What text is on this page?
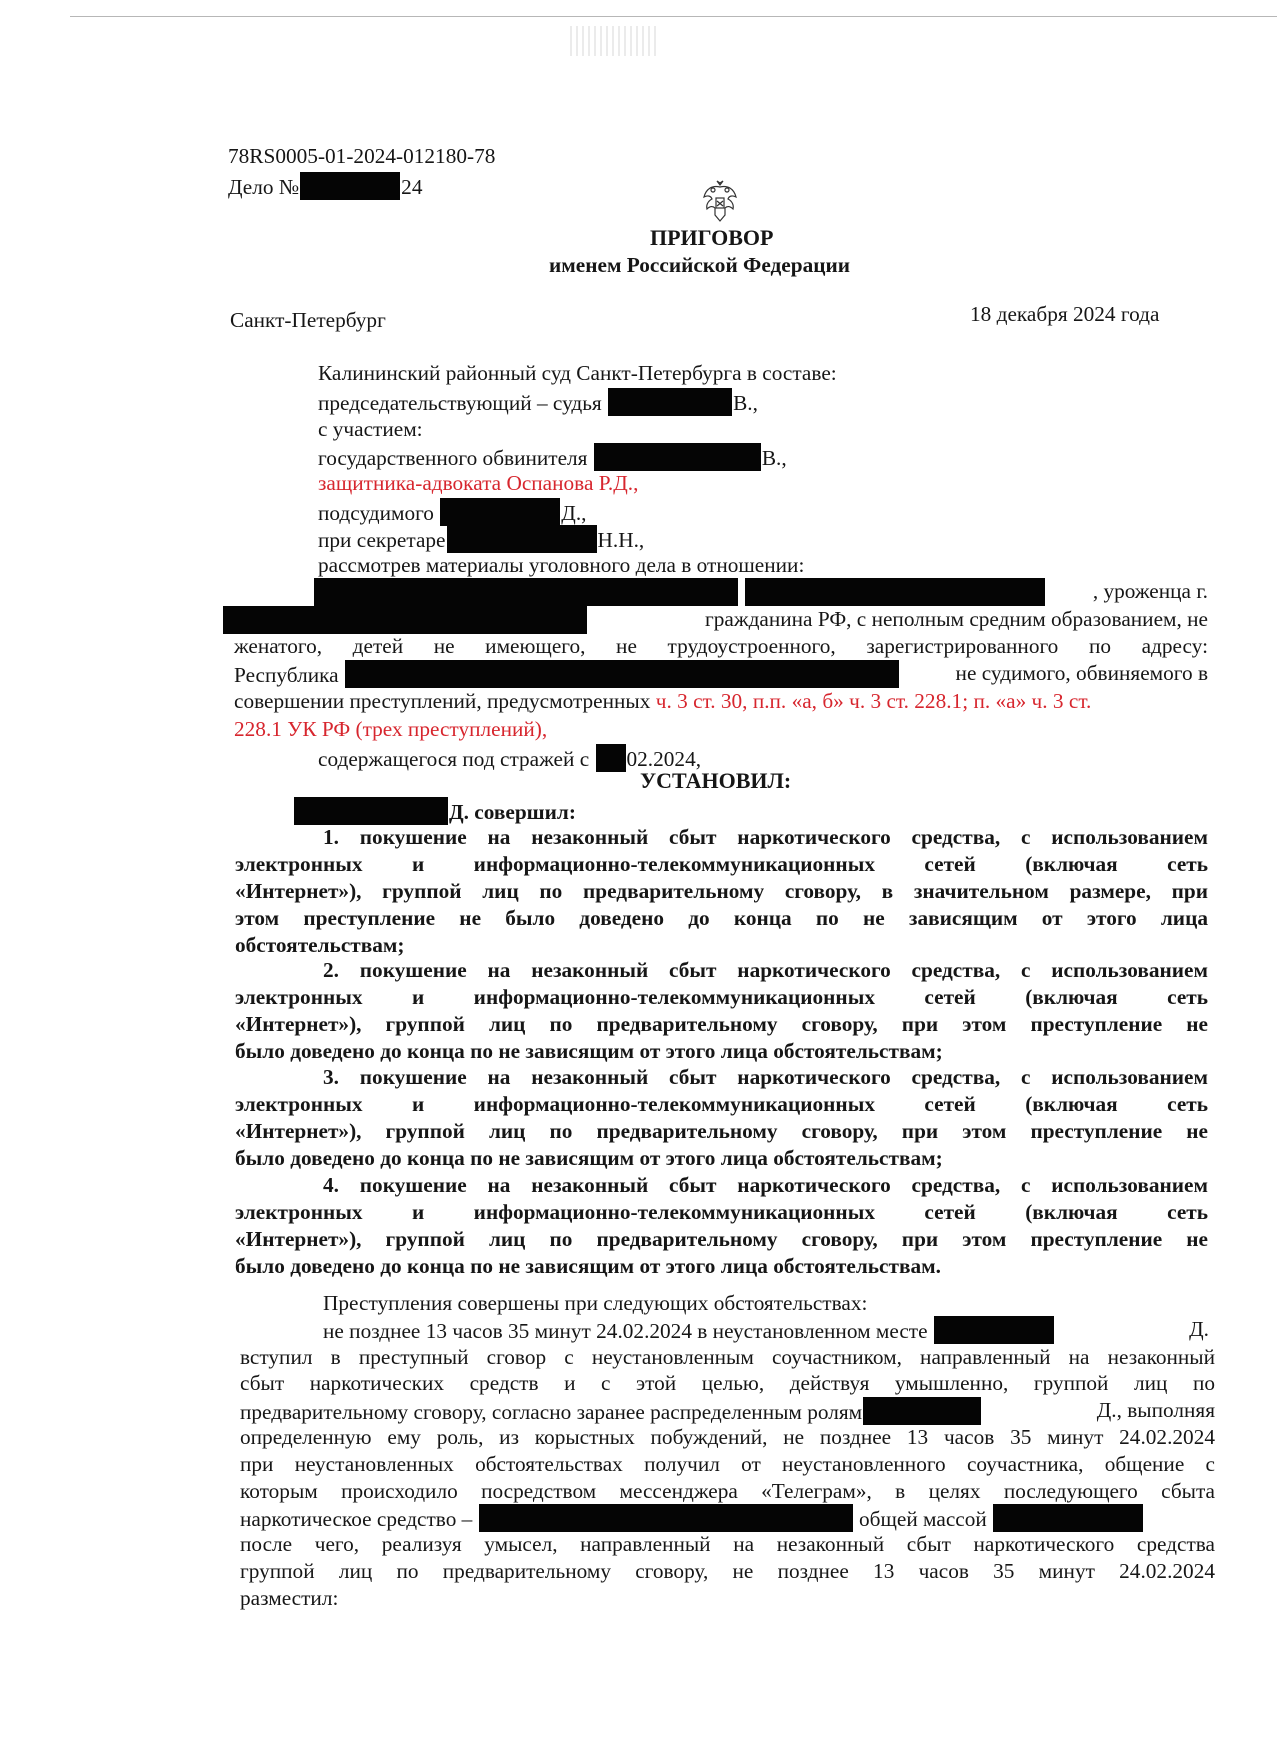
78RS0005-01-2024-012180-78
Дело №	24
ПРИГОВОР
именем Российской Федерации
Санкт-Петербург	18 декабря 2024 года
Калининский районный суд Санкт-Петербурга в составе:
председательствующий – судья	В.,
с участием:
государственного обвинителя	В.,
защитника-адвоката Оспанова Р.Д.,
подсудимого	Д.,
при секретаре	Н.Н.,
рассмотрев материалы уголовного дела в отношении:

, уроженца г.
гражданина РФ, с неполным средним образованием, не
женатого, детей не имеющего, не трудоустроенного, зарегистрированного по адресу:
Республика	не судимого, обвиняемого в
совершении преступлений, предусмотренных ч. 3 ст. 30, п.п. «а, б» ч. 3 ст. 228.1; п. «а» ч. 3 ст.
228.1 УК РФ (трех преступлений),
содержащегося под стражей с 02.2024,
УСТАНОВИЛ:
Д. совершил:
1. покушение на незаконный сбыт наркотического средства, с использованием
электронных и информационно-телекоммуникационных сетей (включая сеть
«Интернет»), группой лиц по предварительному сговору, в значительном размере, при
этом преступление не было доведено до конца по не зависящим от этого лица
обстоятельствам;
2. покушение на незаконный сбыт наркотического средства, с использованием
электронных и информационно-телекоммуникационных сетей (включая сеть
«Интернет»), группой лиц по предварительному сговору, при этом преступление не
было доведено до конца по не зависящим от этого лица обстоятельствам;
3. покушение на незаконный сбыт наркотического средства, с использованием
электронных и информационно-телекоммуникационных сетей (включая сеть
«Интернет»), группой лиц по предварительному сговору, при этом преступление не
было доведено до конца по не зависящим от этого лица обстоятельствам;
4. покушение на незаконный сбыт наркотического средства, с использованием
электронных и информационно-телекоммуникационных сетей (включая сеть
«Интернет»), группой лиц по предварительному сговору, при этом преступление не
было доведено до конца по не зависящим от этого лица обстоятельствам.
Преступления совершены при следующих обстоятельствах:
не позднее 13 часов 35 минут 24.02.2024 в неустановленном месте	Д.
вступил в преступный сговор с неустановленным соучастником, направленный на незаконный
сбыт наркотических средств и с этой целью, действуя умышленно, группой лиц по
предварительному сговору, согласно заранее распределенным ролям	Д., выполняя
определенную ему роль, из корыстных побуждений, не позднее 13 часов 35 минут 24.02.2024
при неустановленных обстоятельствах получил от неустановленного соучастника, общение с
которым происходило посредством мессенджера «Телеграм», в целях последующего сбыта
наркотическое средство –	общей массой
после чего, реализуя умысел, направленный на незаконный сбыт наркотического средства
группой лиц по предварительному сговору, не позднее 13 часов 35 минут 24.02.2024
разместил:
